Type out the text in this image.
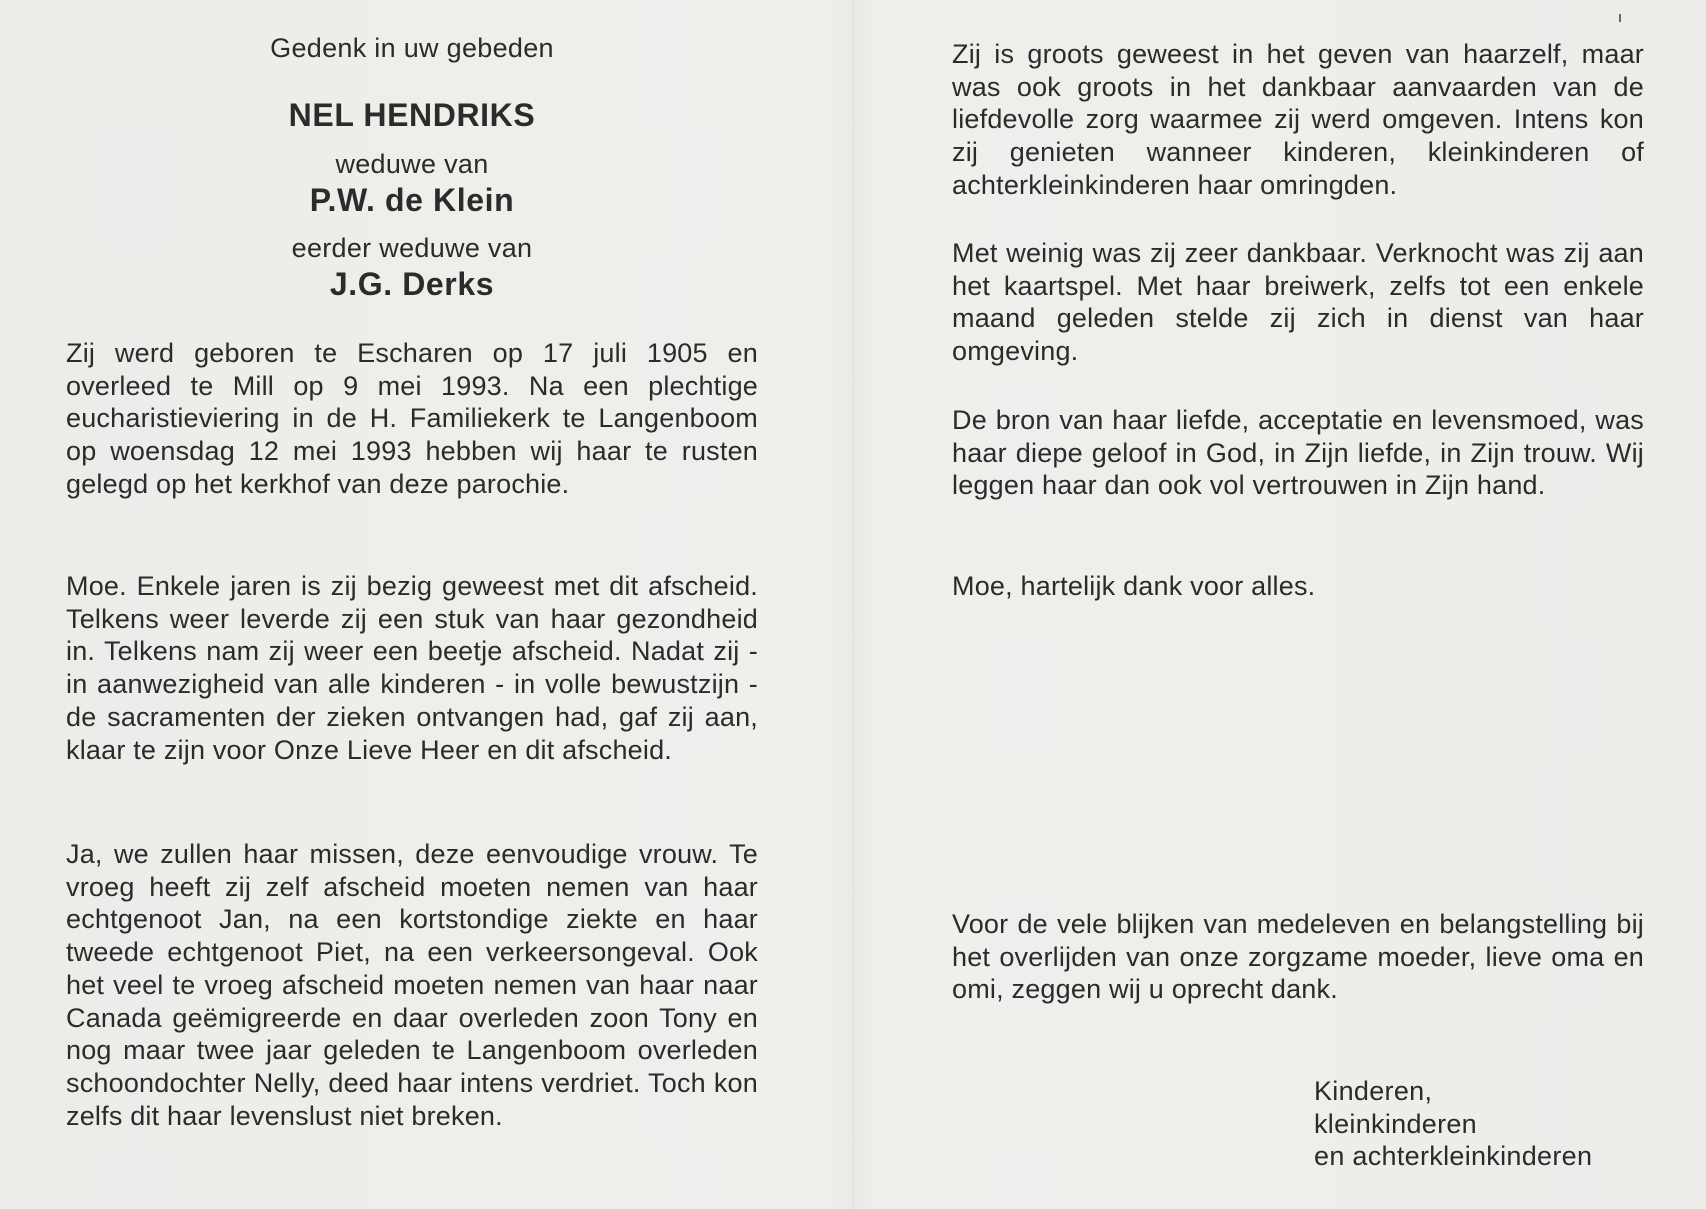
Gedenk in uw gebeden
NEL HENDRIKS
weduwe van
P.W. de Klein
eerder weduwe van
J.G. Derks

Zij werd geboren te Escharen op 17 juli 1905 en overleed te Mill op 9 mei 1993. Na een plechtige eucharistieviering in de H. Familiekerk te Langenboom op woensdag 12 mei 1993 hebben wij haar te rusten gelegd op het kerkhof van deze parochie.

Moe. Enkele jaren is zij bezig geweest met dit afscheid. Telkens weer leverde zij een stuk van haar gezondheid in. Telkens nam zij weer een beetje afscheid. Nadat zij - in aanwezigheid van alle kinderen - in volle bewustzijn - de sacramenten der zieken ontvangen had, gaf zij aan, klaar te zijn voor Onze Lieve Heer en dit afscheid.

Ja, we zullen haar missen, deze eenvoudige vrouw. Te vroeg heeft zij zelf afscheid moeten nemen van haar echtgenoot Jan, na een kortstondige ziekte en haar tweede echtgenoot Piet, na een verkeersongeval. Ook het veel te vroeg afscheid moeten nemen van haar naar Canada geëmigreerde en daar overleden zoon Tony en nog maar twee jaar geleden te Langenboom overleden schoondochter Nelly, deed haar intens verdriet. Toch kon zelfs dit haar levenslust niet breken.

Zij is groots geweest in het geven van haarzelf, maar was ook groots in het dankbaar aanvaarden van de liefdevolle zorg waarmee zij werd omgeven. Intens kon zij genieten wanneer kinderen, kleinkinderen of achterkleinkinderen haar omringden.

Met weinig was zij zeer dankbaar. Verknocht was zij aan het kaartspel. Met haar breiwerk, zelfs tot een enkele maand geleden stelde zij zich in dienst van haar omgeving.

De bron van haar liefde, acceptatie en levensmoed, was haar diepe geloof in God, in Zijn liefde, in Zijn trouw. Wij leggen haar dan ook vol vertrouwen in Zijn hand.

Moe, hartelijk dank voor alles.

Voor de vele blijken van medeleven en belangstelling bij het overlijden van onze zorgzame moeder, lieve oma en omi, zeggen wij u oprecht dank.

Kinderen,
kleinkinderen
en achterkleinkinderen
